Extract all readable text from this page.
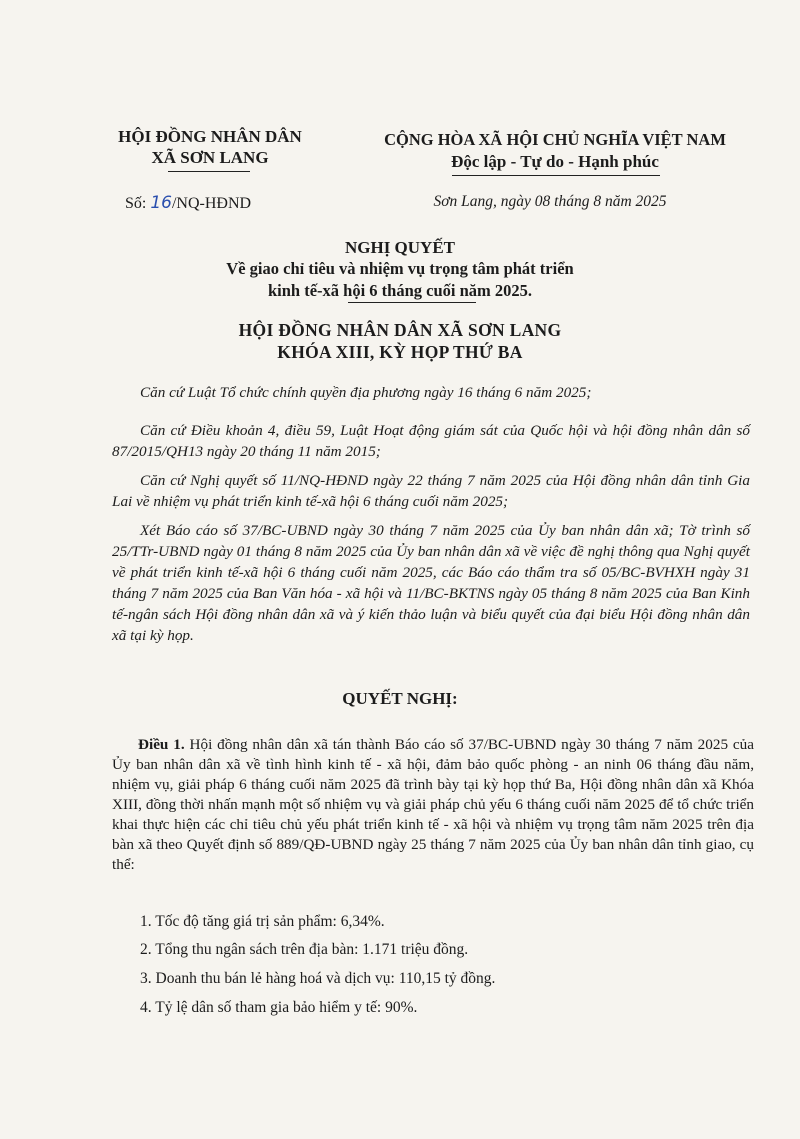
HỘI ĐỒNG NHÂN DÂN
XÃ SƠN LANG
Số: 16/NQ-HĐND
CỘNG HÒA XÃ HỘI CHỦ NGHĨA VIỆT NAM
Độc lập - Tự do - Hạnh phúc
Sơn Lang, ngày 08 tháng 8 năm 2025
NGHỊ QUYẾT
Về giao chỉ tiêu và nhiệm vụ trọng tâm phát triển
kinh tế-xã hội 6 tháng cuối năm 2025.
HỘI ĐỒNG NHÂN DÂN XÃ SƠN LANG
KHÓA XIII, KỲ HỌP THỨ BA
Căn cứ Luật Tổ chức chính quyền địa phương ngày 16 tháng 6 năm 2025;
Căn cứ Điều khoản 4, điều 59, Luật Hoạt động giám sát của Quốc hội và hội đồng nhân dân số 87/2015/QH13 ngày 20 tháng 11 năm 2015;
Căn cứ Nghị quyết số 11/NQ-HĐND ngày 22 tháng 7 năm 2025 của Hội đồng nhân dân tỉnh Gia Lai về nhiệm vụ phát triển kinh tế-xã hội 6 tháng cuối năm 2025;
Xét Báo cáo số 37/BC-UBND ngày 30 tháng 7 năm 2025 của Ủy ban nhân dân xã; Tờ trình số 25/TTr-UBND ngày 01 tháng 8 năm 2025 của Ủy ban nhân dân xã về việc đề nghị thông qua Nghị quyết về phát triển kinh tế-xã hội 6 tháng cuối năm 2025, các Báo cáo thẩm tra số 05/BC-BVHXH ngày 31 tháng 7 năm 2025 của Ban Văn hóa - xã hội và 11/BC-BKTNS ngày 05 tháng 8 năm 2025 của Ban Kinh tế-ngân sách Hội đồng nhân dân xã và ý kiến thảo luận và biểu quyết của đại biểu Hội đồng nhân dân xã tại kỳ họp.
QUYẾT NGHỊ:
Điều 1. Hội đồng nhân dân xã tán thành Báo cáo số 37/BC-UBND ngày 30 tháng 7 năm 2025 của Ủy ban nhân dân xã về tình hình kinh tế - xã hội, đảm bảo quốc phòng - an ninh 06 tháng đầu năm, nhiệm vụ, giải pháp 6 tháng cuối năm 2025 đã trình bày tại kỳ họp thứ Ba, Hội đồng nhân dân xã Khóa XIII, đồng thời nhấn mạnh một số nhiệm vụ và giải pháp chủ yếu 6 tháng cuối năm 2025 để tổ chức triển khai thực hiện các chỉ tiêu chủ yếu phát triển kinh tế - xã hội và nhiệm vụ trọng tâm năm 2025 trên địa bàn xã theo Quyết định số 889/QĐ-UBND ngày 25 tháng 7 năm 2025 của Ủy ban nhân dân tỉnh giao, cụ thể:
1. Tốc độ tăng giá trị sản phẩm: 6,34%.
2. Tổng thu ngân sách trên địa bàn: 1.171 triệu đồng.
3. Doanh thu bán lẻ hàng hoá và dịch vụ: 110,15 tỷ đồng.
4. Tỷ lệ dân số tham gia bảo hiểm y tế: 90%.
